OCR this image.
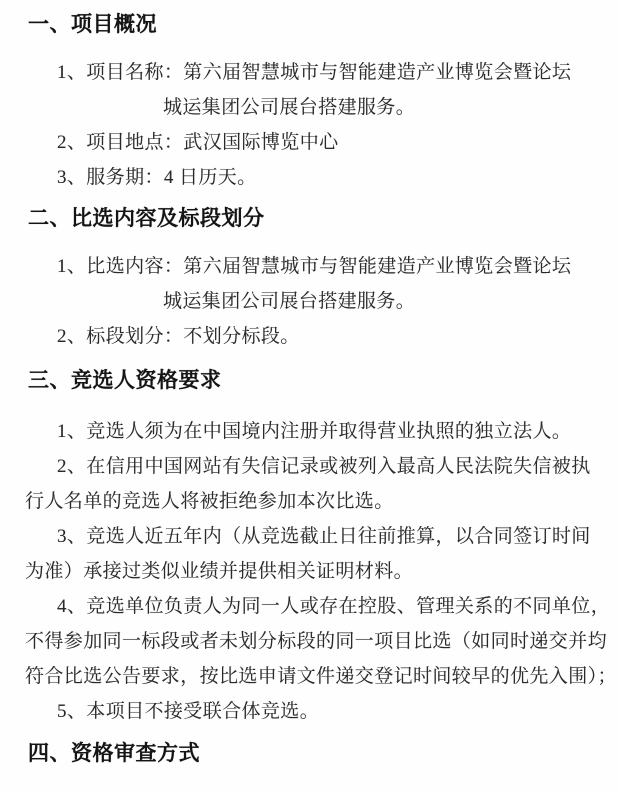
一、项目概况
1、项目名称：第六届智慧城市与智能建造产业博览会暨论坛
城运集团公司展台搭建服务。
2、项目地点：武汉国际博览中心
3、服务期：4 日历天。
二、比选内容及标段划分
1、比选内容：第六届智慧城市与智能建造产业博览会暨论坛
城运集团公司展台搭建服务。
2、标段划分：不划分标段。
三、竞选人资格要求
1、竞选人须为在中国境内注册并取得营业执照的独立法人。
2、在信用中国网站有失信记录或被列入最高人民法院失信被执
行人名单的竞选人将被拒绝参加本次比选。
3、竞选人近五年内（从竞选截止日往前推算，以合同签订时间
为准）承接过类似业绩并提供相关证明材料。
4、竞选单位负责人为同一人或存在控股、管理关系的不同单位，
不得参加同一标段或者未划分标段的同一项目比选（如同时递交并均
符合比选公告要求，按比选申请文件递交登记时间较早的优先入围）；
5、本项目不接受联合体竞选。
四、资格审查方式
